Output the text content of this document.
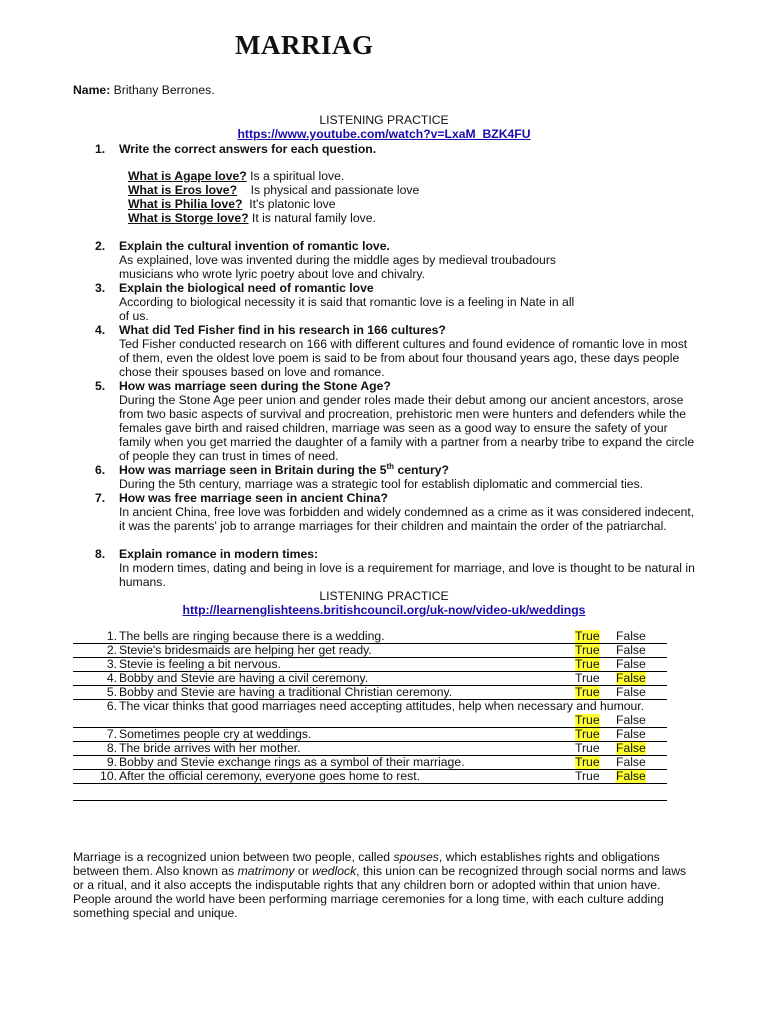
MARRIAG
Name: Brithany Berrones.
LISTENING PRACTICE
https://www.youtube.com/watch?v=LxaM_BZK4FU
1.	Write the correct answers for each question.
What is Agape love? Is a spiritual love.
What is Eros love?    Is physical and passionate love
What is Philia love?  It's platonic love
What is Storge love? It is natural family love.
2.	Explain the cultural invention of romantic love.
As explained, love was invented during the middle ages by medieval troubadours musicians who wrote lyric poetry about love and chivalry.
3.	Explain the biological need of romantic love
According to biological necessity it is said that romantic love is a feeling in Nate in all of us.
4.	What did Ted Fisher find in his research in 166 cultures?
Ted Fisher conducted research on 166 with different cultures and found evidence of romantic love in most of them, even the oldest love poem is said to be from about four thousand years ago, these days people chose their spouses based on love and romance.
5.	How was marriage seen during the Stone Age?
During the Stone Age peer union and gender roles made their debut among our ancient ancestors, arose from two basic aspects of survival and procreation, prehistoric men were hunters and defenders while the females gave birth and raised children, marriage was seen as a good way to ensure the safety of your family when you get married the daughter of a family with a partner from a nearby tribe to expand the circle of people they can trust in times of need.
6.	How was marriage seen in Britain during the 5th century?
During the 5th century, marriage was a strategic tool for establish diplomatic and commercial ties.
7.	How was free marriage seen in ancient China?
In ancient China, free love was forbidden and widely condemned as a crime as it was considered indecent, it was the parents' job to arrange marriages for their children and maintain the order of the patriarchal.
8.	Explain romance in modern times:
In modern times, dating and being in love is a requirement for marriage, and love is thought to be natural in humans.
LISTENING PRACTICE
http://learnenglishteens.britishcouncil.org/uk-now/video-uk/weddings
1. The bells are ringing because there is a wedding.	True False
2. Stevie's bridesmaids are helping her get ready.	True False
3. Stevie is feeling a bit nervous.	True False
4. Bobby and Stevie are having a civil ceremony.	True False
5. Bobby and Stevie are having a traditional Christian ceremony.	True False
6. The vicar thinks that good marriages need accepting attitudes, help when necessary and humour.
True False
7. Sometimes people cry at weddings.	True False
8. The bride arrives with her mother.	True False
9. Bobby and Stevie exchange rings as a symbol of their marriage.	True False
10. After the official ceremony, everyone goes home to rest.	True False
Marriage is a recognized union between two people, called spouses, which establishes rights and obligations between them. Also known as matrimony or wedlock, this union can be recognized through social norms and laws or a ritual, and it also accepts the indisputable rights that any children born or adopted within that union have. People around the world have been performing marriage ceremonies for a long time, with each culture adding something special and unique.
